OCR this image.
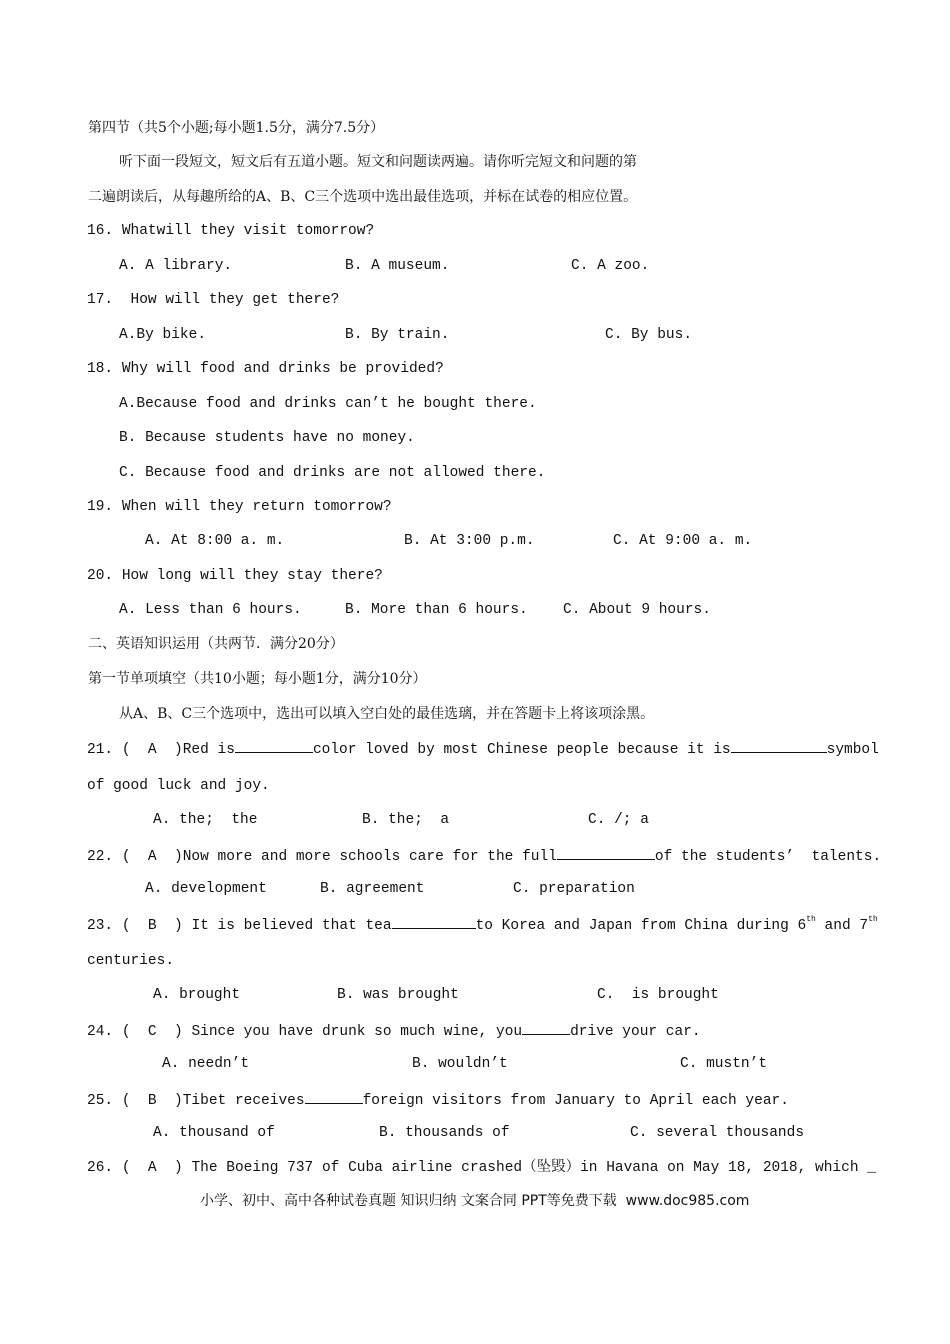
第四节（共5个小题;每小题1.5分，满分7.5分）
听下面一段短文，短文后有五道小题。短文和问题读两遍。请你听完短文和问题的第
二遍朗读后，从每趣所给的A、B、C三个选项中选出最佳选项，并标在试卷的相应位置。
16. Whatwill they visit tomorrow?
A. A library.	B. A museum.	C. A zoo.
17. How will they get there?
A.By bike.	B. By train.	C. By bus.
18. Why will food and drinks be provided?
A.Because food and drinks can’t he bought there.
B. Because students have no money.
C. Because food and drinks are not allowed there.
19. When will they return tomorrow?
A. At 8:00 a. m.	B. At 3:00 p.m.	C. At 9:00 a. m.
20. How long will they stay there?
A. Less than 6 hours.	B. More than 6 hours. C. About 9 hours.
二、英语知识运用（共两节．满分20分）
第一节单项填空（共10小题；每小题1分，满分10分）
从A、B、C三个选项中，选出可以填入空白处的最佳选璃，并在答题卡上将该项涂黑。
21. (  A  )Red is	color loved by most Chinese people because it is	symbol
of good luck and joy.
A. the;  the	B. the;  a	C. /; a
22. (  A  )Now more and more schools care for the full	of the students’  talents.
A. development	B. agreement	C. preparation
23. (  B  ) It is believed that tea	to Korea and Japan from China during 6th and 7th
centuries.
A. brought	B. was brought	C.  is brought
24. (  C  ) Since you have drunk so much wine, you	drive your car.
A. needn’t	B. wouldn’t	C. mustn’t
25. (  B  )Tibet receives	foreign visitors from January to April each year.
A. thousand of	B. thousands of	C. several thousands
26. (  A  ) The Boeing 737 of Cuba airline crashed（坠毁）in Havana on May 18, 2018, which _
小学、初中、高中各种试卷真题 知识归纳 文案合同 PPT等免费下载  www.doc985.com
